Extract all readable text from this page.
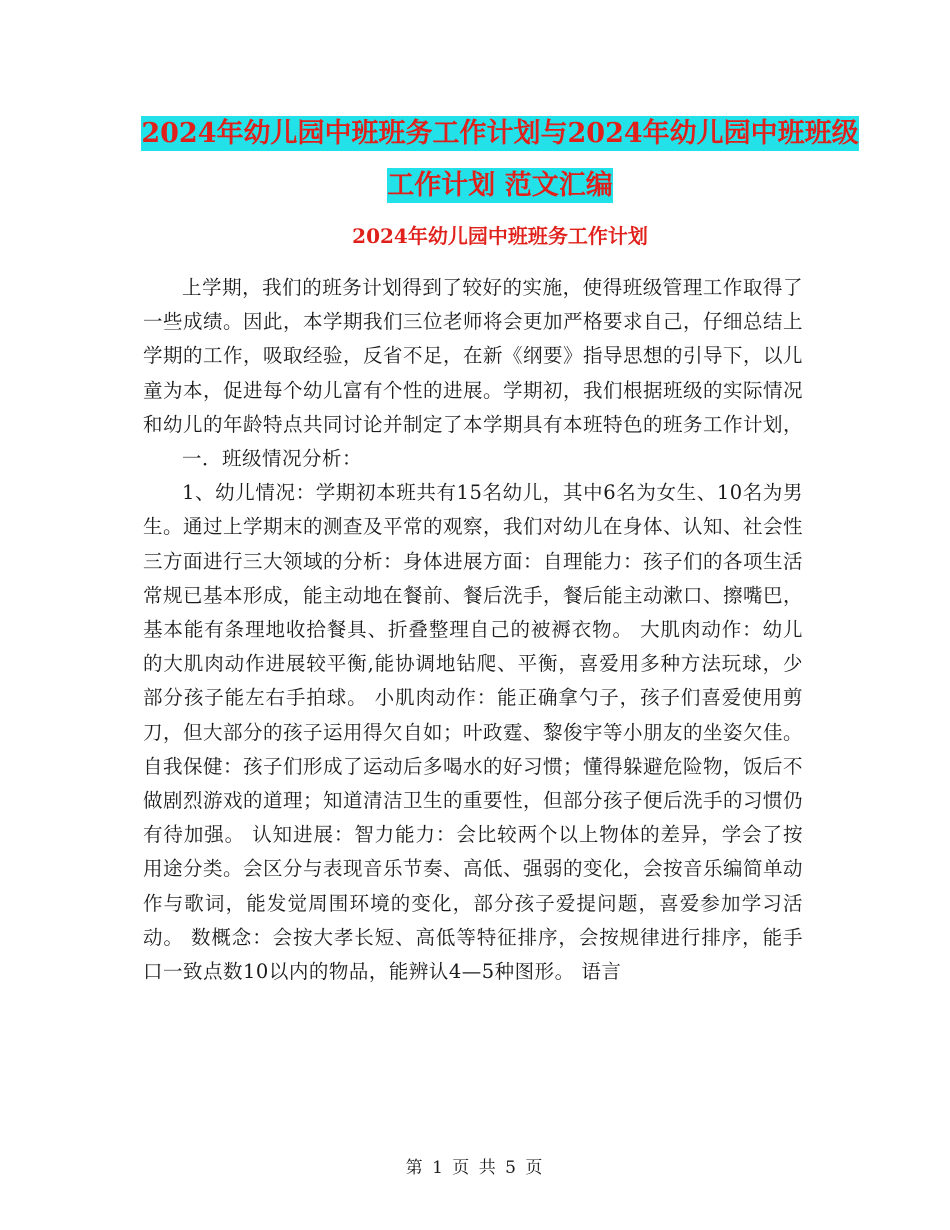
2024年幼儿园中班班务工作计划与2024年幼儿园中班班级工作计划 范文汇编
2024年幼儿园中班班务工作计划

上学期，我们的班务计划得到了较好的实施，使得班级管理工作取得了一些成绩。因此，本学期我们三位老师将会更加严格要求自己，仔细总结上学期的工作，吸取经验，反省不足，在新《纲要》指导思想的引导下，以儿童为本，促进每个幼儿富有个性的进展。学期初，我们根据班级的实际情况和幼儿的年龄特点共同讨论并制定了本学期具有本班特色的班务工作计划，

一．班级情况分析：

1、幼儿情况：学期初本班共有15名幼儿，其中6名为女生、10名为男生。通过上学期末的测查及平常的观察，我们对幼儿在身体、认知、社会性三方面进行三大领域的分析：身体进展方面：自理能力：孩子们的各项生活常规已基本形成，能主动地在餐前、餐后洗手，餐后能主动漱口、擦嘴巴，基本能有条理地收拾餐具、折叠整理自己的被褥衣物。 大肌肉动作：幼儿的大肌肉动作进展较平衡,能协调地钻爬、平衡，喜爱用多种方法玩球，少部分孩子能左右手拍球。 小肌肉动作：能正确拿勺子，孩子们喜爱使用剪刀，但大部分的孩子运用得欠自如；叶政霆、黎俊宇等小朋友的坐姿欠佳。 自我保健：孩子们形成了运动后多喝水的好习惯；懂得躲避危险物，饭后不做剧烈游戏的道理；知道清洁卫生的重要性，但部分孩子便后洗手的习惯仍有待加强。 认知进展：智力能力：会比较两个以上物体的差异，学会了按用途分类。会区分与表现音乐节奏、高低、强弱的变化，会按音乐编简单动作与歌词，能发觉周围环境的变化，部分孩子爱提问题，喜爱参加学习活动。 数概念：会按大孝长短、高低等特征排序，会按规律进行排序，能手口一致点数10以内的物品，能辨认4—5种图形。 语言

第 1 页 共 5 页
